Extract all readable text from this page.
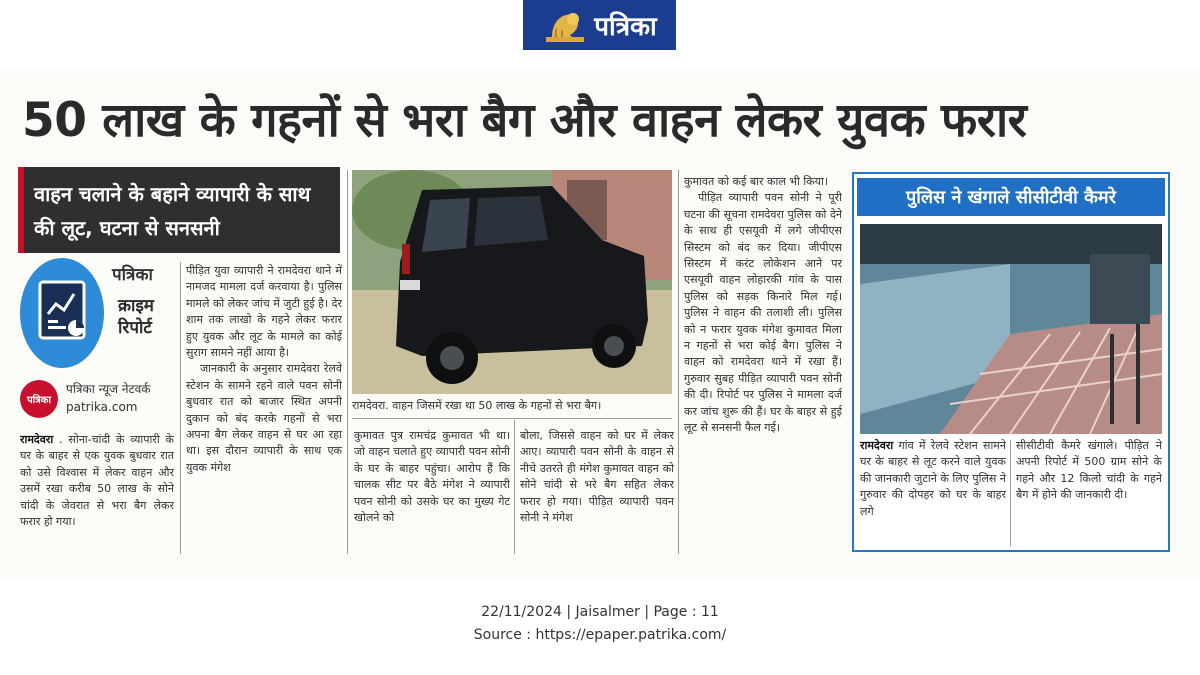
पत्रिका
50 लाख के गहनों से भरा बैग और वाहन लेकर युवक फरार
वाहन चलाने के बहाने व्यापारी के साथ की लूट, घटना से सनसनी
पत्रिका
क्राइम रिपोर्ट
पत्रिका
पत्रिका न्यूज नेटवर्क
patrika.com
रामदेवरा . सोना-चांदी के व्यापारी के घर के बाहर से एक युवक बुधवार रात को उसे विश्वास में लेकर वाहन और उसमें रखा करीब 50 लाख के सोने चांदी के जेवरात से भरा बैग लेकर फरार हो गया।
पीड़ित युवा व्यापारी ने रामदेवरा थाने में नामजद मामला दर्ज करवाया है। पुलिस मामले को लेकर जांच में जुटी हुई है। देर शाम तक लाखो के गहने लेकर फरार हुए युवक और लूट के मामले का कोई सुराग सामने नहीं आया है।
जानकारी के अनुसार रामदेवरा रेलवे स्टेशन के सामने रहने वाले पवन सोनी बुधवार रात को बाजार स्थित अपनी दुकान को बंद करके गहनों से भरा अपना बैग लेकर वाहन से घर आ रहा था। इस दौरान व्यापारी के साथ एक युवक मंगेश
रामदेवरा. वाहन जिसमें रखा था 50 लाख के गहनों से भरा बैग।
कुमावत पुत्र रामचंद्र कुमावत भी था। जो वाहन चलाते हुए व्यापारी पवन सोनी के घर के बाहर पहुंचा। आरोप हैं कि चालक सीट पर बैठे मंगेश ने व्यापारी पवन सोनी को उसके घर का मुख्य गेट खोलने को
बोला, जिससे वाहन को घर में लेकर आए। व्यापारी पवन सोनी के वाहन से नीचे उतरते ही मंगेश कुमावत वाहन को सोने चांदी से भरे बैग सहित लेकर फरार हो गया। पीड़ित व्यापारी पवन सोनी ने मंगेश
कुमावत को कई बार काल भी किया।
पीड़ित व्यापारी पवन सोनी ने पूरी घटना की सूचना रामदेवरा पुलिस को देने के साथ ही एसयूवी में लगे जीपीएस सिस्टम को बंद कर दिया। जीपीएस सिस्टम में करंट लोकेशन आने पर एसयूवी वाहन लोहारकी गांव के पास पुलिस को सड़क किनारे मिल गई। पुलिस ने वाहन की तलाशी ली। पुलिस को न फरार युवक मंगेश कुमावत मिला न गहनों से भरा कोई बैग। पुलिस ने वाहन को रामदेवरा थाने में रखा हैं। गुरुवार सुबह पीड़ित व्यापारी पवन सोनी की दी। रिपोर्ट पर पुलिस ने मामला दर्ज कर जांच शुरू की हैं। घर के बाहर से हुई लूट से सनसनी फैल गई।
पुलिस ने खंगाले सीसीटीवी कैमरे
रामदेवरा गांव में रेलवे स्टेशन सामने घर के बाहर से लूट करने वाले युवक की जानकारी जुटाने के लिए पुलिस ने गुरुवार की दोपहर को घर के बाहर लगे
सीसीटीवी कैमरे खंगाले। पीड़ित ने अपनी रिपोर्ट में 500 ग्राम सोने के गहने और 12 किलो चांदी के गहने बैग में होने की जानकारी दी।
22/11/2024 | Jaisalmer | Page : 11
Source : https://epaper.patrika.com/
